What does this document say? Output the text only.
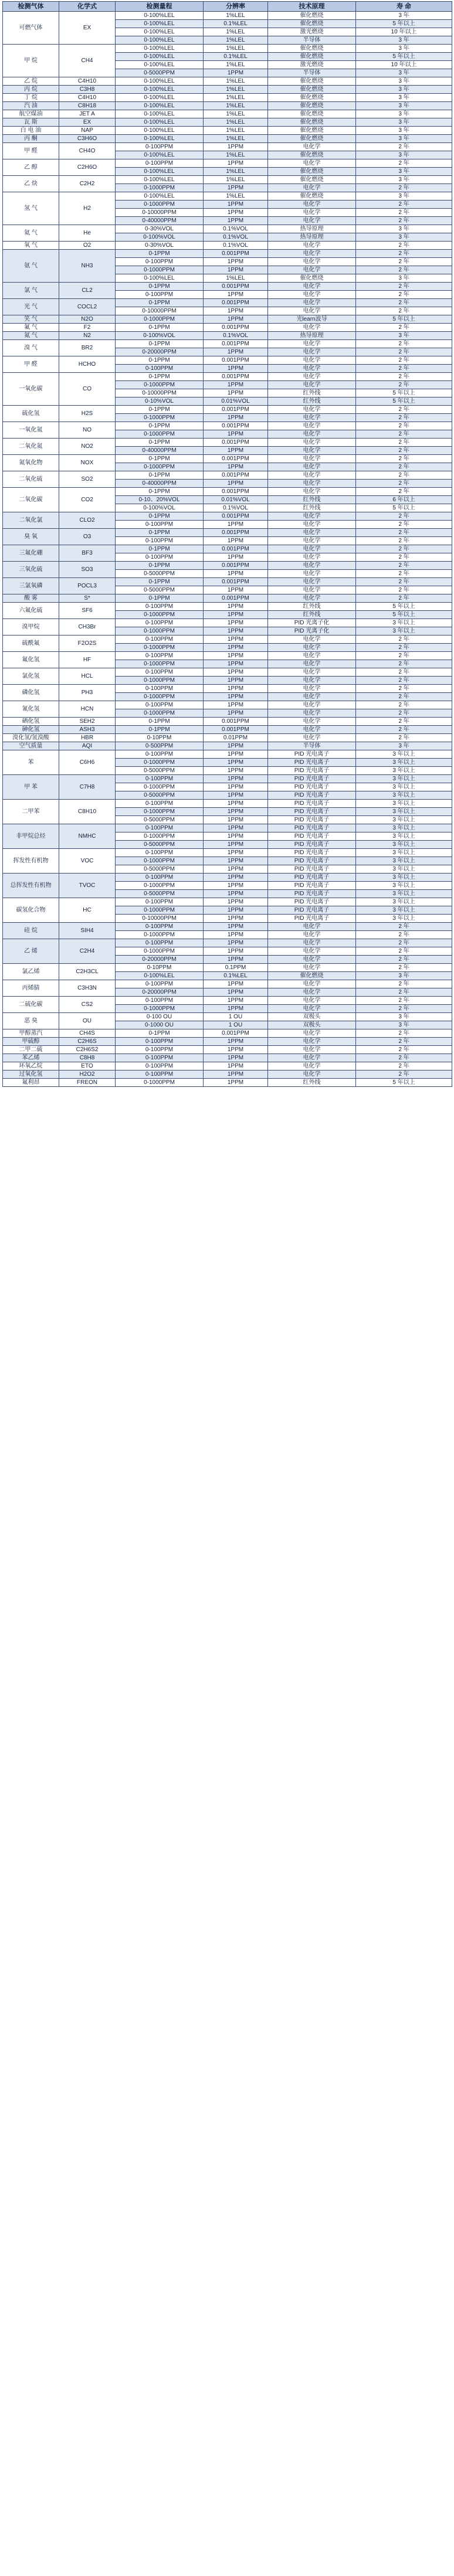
检测气体	化学式	检测量程	分辨率	技术原理	寿 命
可燃气体	EX	0-100%LEL	1%LEL	催化燃烧	3 年
		0-100%LEL	0.1%LEL	催化燃烧	5 年以上
		0-100%LEL	1%LEL	激光燃烧	10 年以上
		0-100%LEL	1%LEL	半导体	3 年
甲 烷	CH4	0-100%LEL	1%LEL	催化燃烧	3 年
		0-100%LEL	0.1%LEL	催化燃烧	5 年以上
		0-100%LEL	1%LEL	激光燃烧	10 年以上
		0-5000PPM	1PPM	半导体	3 年
乙 烷	C4H10	0-100%LEL	1%LEL	催化燃烧	3 年
丙 烷	C3H8	0-100%LEL	1%LEL	催化燃烧	3 年
丁 烷	C4H10	0-100%LEL	1%LEL	催化燃烧	3 年
汽 油	C8H18	0-100%LEL	1%LEL	催化燃烧	3 年
航空煤油	JET A	0-100%LEL	1%LEL	催化燃烧	3 年
瓦 斯	EX	0-100%LEL	1%LEL	催化燃烧	3 年
白 电 油	NAP	0-100%LEL	1%LEL	催化燃烧	3 年
丙 酮	C3H6O	0-100%LEL	1%LEL	催化燃烧	3 年
甲 醛	CH4O	0-100PPM	1PPM	电化学	2 年
		0-100%LEL	1%LEL	催化燃烧	3 年
乙 醇	C2H6O	0-100PPM	1PPM	电化学	2 年
		0-100%LEL	1%LEL	催化燃烧	3 年
乙 炔	C2H2	0-100%LEL	1%LEL	催化燃烧	3 年
		0-1000PPM	1PPM	电化学	2 年
氢 气	H2	0-100%LEL	1%LEL	催化燃烧	3 年
		0-1000PPM	1PPM	电化学	2 年
		0-10000PPM	1PPM	电化学	2 年
		0-40000PPM	1PPM	电化学	2 年
氦 气	He	0-30%VOL	0.1%VOL	热导原理	3 年
		0-100%VOL	0.1%VOL	热导原理	3 年
氧 气	O2	0-30%VOL	0.1%VOL	电化学	2 年
氨 气	NH3	0-1PPM	0.001PPM	电化学	2 年
		0-100PPM	1PPM	电化学	2 年
		0-1000PPM	1PPM	电化学	2 年
		0-100%LEL	1%LEL	催化燃烧	3 年
氯 气	CL2	0-1PPM	0.001PPM	电化学	2 年
		0-100PPM	1PPM	电化学	2 年
光 气	COCL2	0-1PPM	0.001PPM	电化学	2 年
		0-10000PPM	1PPM	电化学	2 年
笑 气	N2O	0-1000PPM	1PPM	光learn波导	5 年以上
氟 气	F2	0-1PPM	0.001PPM	电化学	2 年
氮 气	N2	0-100%VOL	0.1%VOL	热导原理	3 年
溴 气	BR2	0-1PPM	0.001PPM	电化学	2 年
		0-20000PPM	1PPM	电化学	2 年
甲 醛	HCHO	0-1PPM	0.001PPM	电化学	2 年
		0-100PPM	1PPM	电化学	2 年
一氧化碳	CO	0-1PPM	0.001PPM	电化学	2 年
		0-1000PPM	1PPM	电化学	2 年
		0-10000PPM	1PPM	红外线	5 年以上
		0-10%VOL	0.01%VOL	红外线	5 年以上
硫化氢	H2S	0-1PPM	0.001PPM	电化学	2 年
		0-1000PPM	1PPM	电化学	2 年
一氧化氮	NO	0-1PPM	0.001PPM	电化学	2 年
		0-1000PPM	1PPM	电化学	2 年
二氧化氮	NO2	0-1PPM	0.001PPM	电化学	2 年
		0-40000PPM	1PPM	电化学	2 年
氮氧化物	NOX	0-1PPM	0.001PPM	电化学	2 年
		0-1000PPM	1PPM	电化学	2 年
二氧化硫	SO2	0-1PPM	0.001PPM	电化学	2 年
		0-40000PPM	1PPM	电化学	2 年
二氧化碳	CO2	0-1PPM	0.001PPM	电化学	2 年
		0-10、20%VOL	0.01%VOL	红外线	6 年以上
		0-100%VOL	0.1%VOL	红外线	5 年以上
二氧化氯	CLO2	0-1PPM	0.001PPM	电化学	2 年
		0-100PPM	1PPM	电化学	2 年
臭 氧	O3	0-1PPM	0.001PPM	电化学	2 年
		0-100PPM	1PPM	电化学	2 年
三氟化硼	BF3	0-1PPM	0.001PPM	电化学	2 年
		0-100PPM	1PPM	电化学	2 年
三氧化硫	SO3	0-1PPM	0.001PPM	电化学	2 年
		0-5000PPM	1PPM	电化学	2 年
三氯氧磷	POCL3	0-1PPM	0.001PPM	电化学	2 年
		0-5000PPM	1PPM	电化学	2 年
酸 雾	S*	0-1PPM	0.001PPM	电化学	2 年
六氟化硫	SF6	0-100PPM	1PPM	红外线	5 年以上
		0-1000PPM	1PPM	红外线	5 年以上
溴甲烷	CH3Br	0-100PPM	1PPM	PID 光离子化	3 年以上
		0-1000PPM	1PPM	PID 光离子化	3 年以上
硫酰氟	F2O2S	0-100PPM	1PPM	电化学	2 年
		0-1000PPM	1PPM	电化学	2 年
氟化氢	HF	0-100PPM	1PPM	电化学	2 年
		0-1000PPM	1PPM	电化学	2 年
氯化氢	HCL	0-100PPM	1PPM	电化学	2 年
		0-1000PPM	1PPM	电化学	2 年
磷化氢	PH3	0-100PPM	1PPM	电化学	2 年
		0-1000PPM	1PPM	电化学	2 年
氰化氢	HCN	0-100PPM	1PPM	电化学	2 年
		0-1000PPM	1PPM	电化学	2 年
硒化氢	SEH2	0-1PPM	0.001PPM	电化学	2 年
砷化氢	ASH3	0-1PPM	0.001PPM	电化学	2 年
溴化氢/氢溴酸	HBR	0-10PPM	0.01PPM	电化学	2 年
空气质量	AQI	0-500PPM	1PPM	半导体	3 年
苯	C6H6	0-100PPM	1PPM	PID 光电离子	3 年以上
		0-1000PPM	1PPM	PID 光电离子	3 年以上
		0-5000PPM	1PPM	PID 光电离子	3 年以上
甲 苯	C7H8	0-100PPM	1PPM	PID 光电离子	3 年以上
		0-1000PPM	1PPM	PID 光电离子	3 年以上
		0-5000PPM	1PPM	PID 光电离子	3 年以上
二甲苯	C8H10	0-100PPM	1PPM	PID 光电离子	3 年以上
		0-1000PPM	1PPM	PID 光电离子	3 年以上
		0-5000PPM	1PPM	PID 光电离子	3 年以上
非甲烷总烃	NMHC	0-100PPM	1PPM	PID 光电离子	3 年以上
		0-1000PPM	1PPM	PID 光电离子	3 年以上
		0-5000PPM	1PPM	PID 光电离子	3 年以上
挥发性有机物	VOC	0-100PPM	1PPM	PID 光电离子	3 年以上
		0-1000PPM	1PPM	PID 光电离子	3 年以上
		0-5000PPM	1PPM	PID 光电离子	3 年以上
总挥发性有机物	TVOC	0-100PPM	1PPM	PID 光电离子	3 年以上
		0-1000PPM	1PPM	PID 光电离子	3 年以上
		0-5000PPM	1PPM	PID 光电离子	3 年以上
碳氢化合物	HC	0-100PPM	1PPM	PID 光电离子	3 年以上
		0-1000PPM	1PPM	PID 光电离子	3 年以上
		0-10000PPM	1PPM	PID 光电离子	3 年以上
硅 烷	SIH4	0-100PPM	1PPM	电化学	2 年
		0-1000PPM	1PPM	电化学	2 年
乙 烯	C2H4	0-100PPM	1PPM	电化学	2 年
		0-1000PPM	1PPM	电化学	2 年
		0-20000PPM	1PPM	电化学	2 年
氯乙烯	C2H3CL	0-10PPM	0.1PPM	电化学	2 年
		0-100%LEL	0.1%LEL	催化燃烧	3 年
丙烯腈	C3H3N	0-100PPM	1PPM	电化学	2 年
		0-20000PPM	1PPM	电化学	2 年
二硫化碳	CS2	0-100PPM	1PPM	电化学	2 年
		0-1000PPM	1PPM	电化学	2 年
恶 臭	OU	0-100 OU	1 OU	双极头	3 年
		0-1000 OU	1 OU	双极头	3 年
甲醇蒸汽	CH4S	0-1PPM	0.001PPM	电化学	2 年
甲硫醇	C2H6S	0-100PPM	1PPM	电化学	2 年
二甲二硫	C2H6S2	0-100PPM	1PPM	电化学	2 年
苯乙烯	C8H8	0-100PPM	1PPM	电化学	2 年
环氧乙烷	ETO	0-100PPM	1PPM	电化学	2 年
过氧化氢	H2O2	0-100PPM	1PPM	电化学	2 年
氟利昂	FREON	0-1000PPM	1PPM	红外线	5 年以上
